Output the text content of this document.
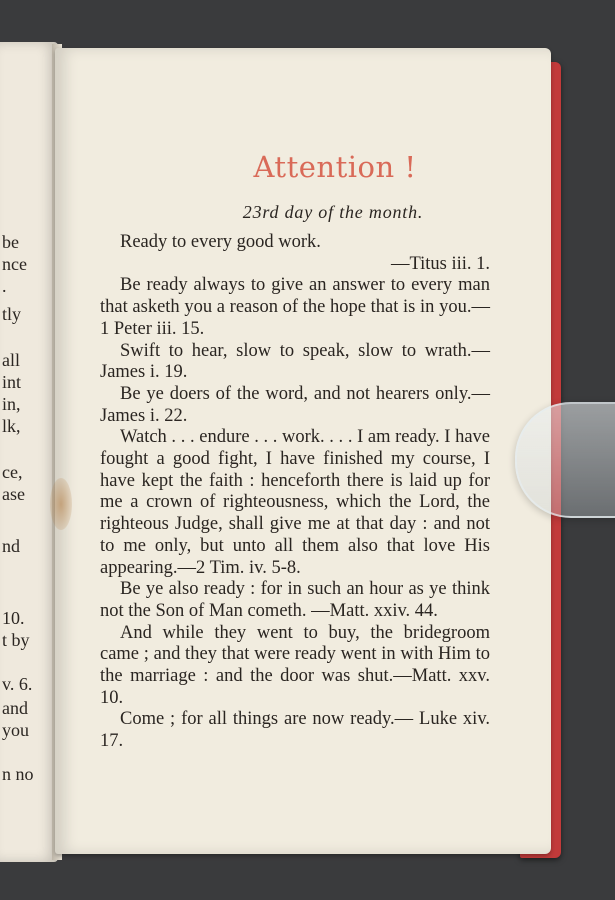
be
nce
.
tly
all
int
in,
lk,
ce,
ase
nd
10.
t by
v. 6.
and
you
n no
Attention !
23rd day of the month.

Ready to every good work.

—Titus iii. 1.

Be ready always to give an answer to every man that asketh you a reason of the hope that is in you.—1 Peter iii. 15.

Swift to hear, slow to speak, slow to wrath.—James i. 19.

Be ye doers of the word, and not hearers only.—James i. 22.

Watch . . . endure . . . work. . . . I am ready. I have fought a good fight, I have finished my course, I have kept the faith : henceforth there is laid up for me a crown of righteousness, which the Lord, the righteous Judge, shall give me at that day : and not to me only, but unto all them also that love His appearing.—2 Tim. iv. 5-8.

Be ye also ready : for in such an hour as ye think not the Son of Man cometh. —Matt. xxiv. 44.

And while they went to buy, the bridegroom came ; and they that were ready went in with Him to the marriage : and the door was shut.—Matt. xxv. 10.

Come ; for all things are now ready.— Luke xiv. 17.
